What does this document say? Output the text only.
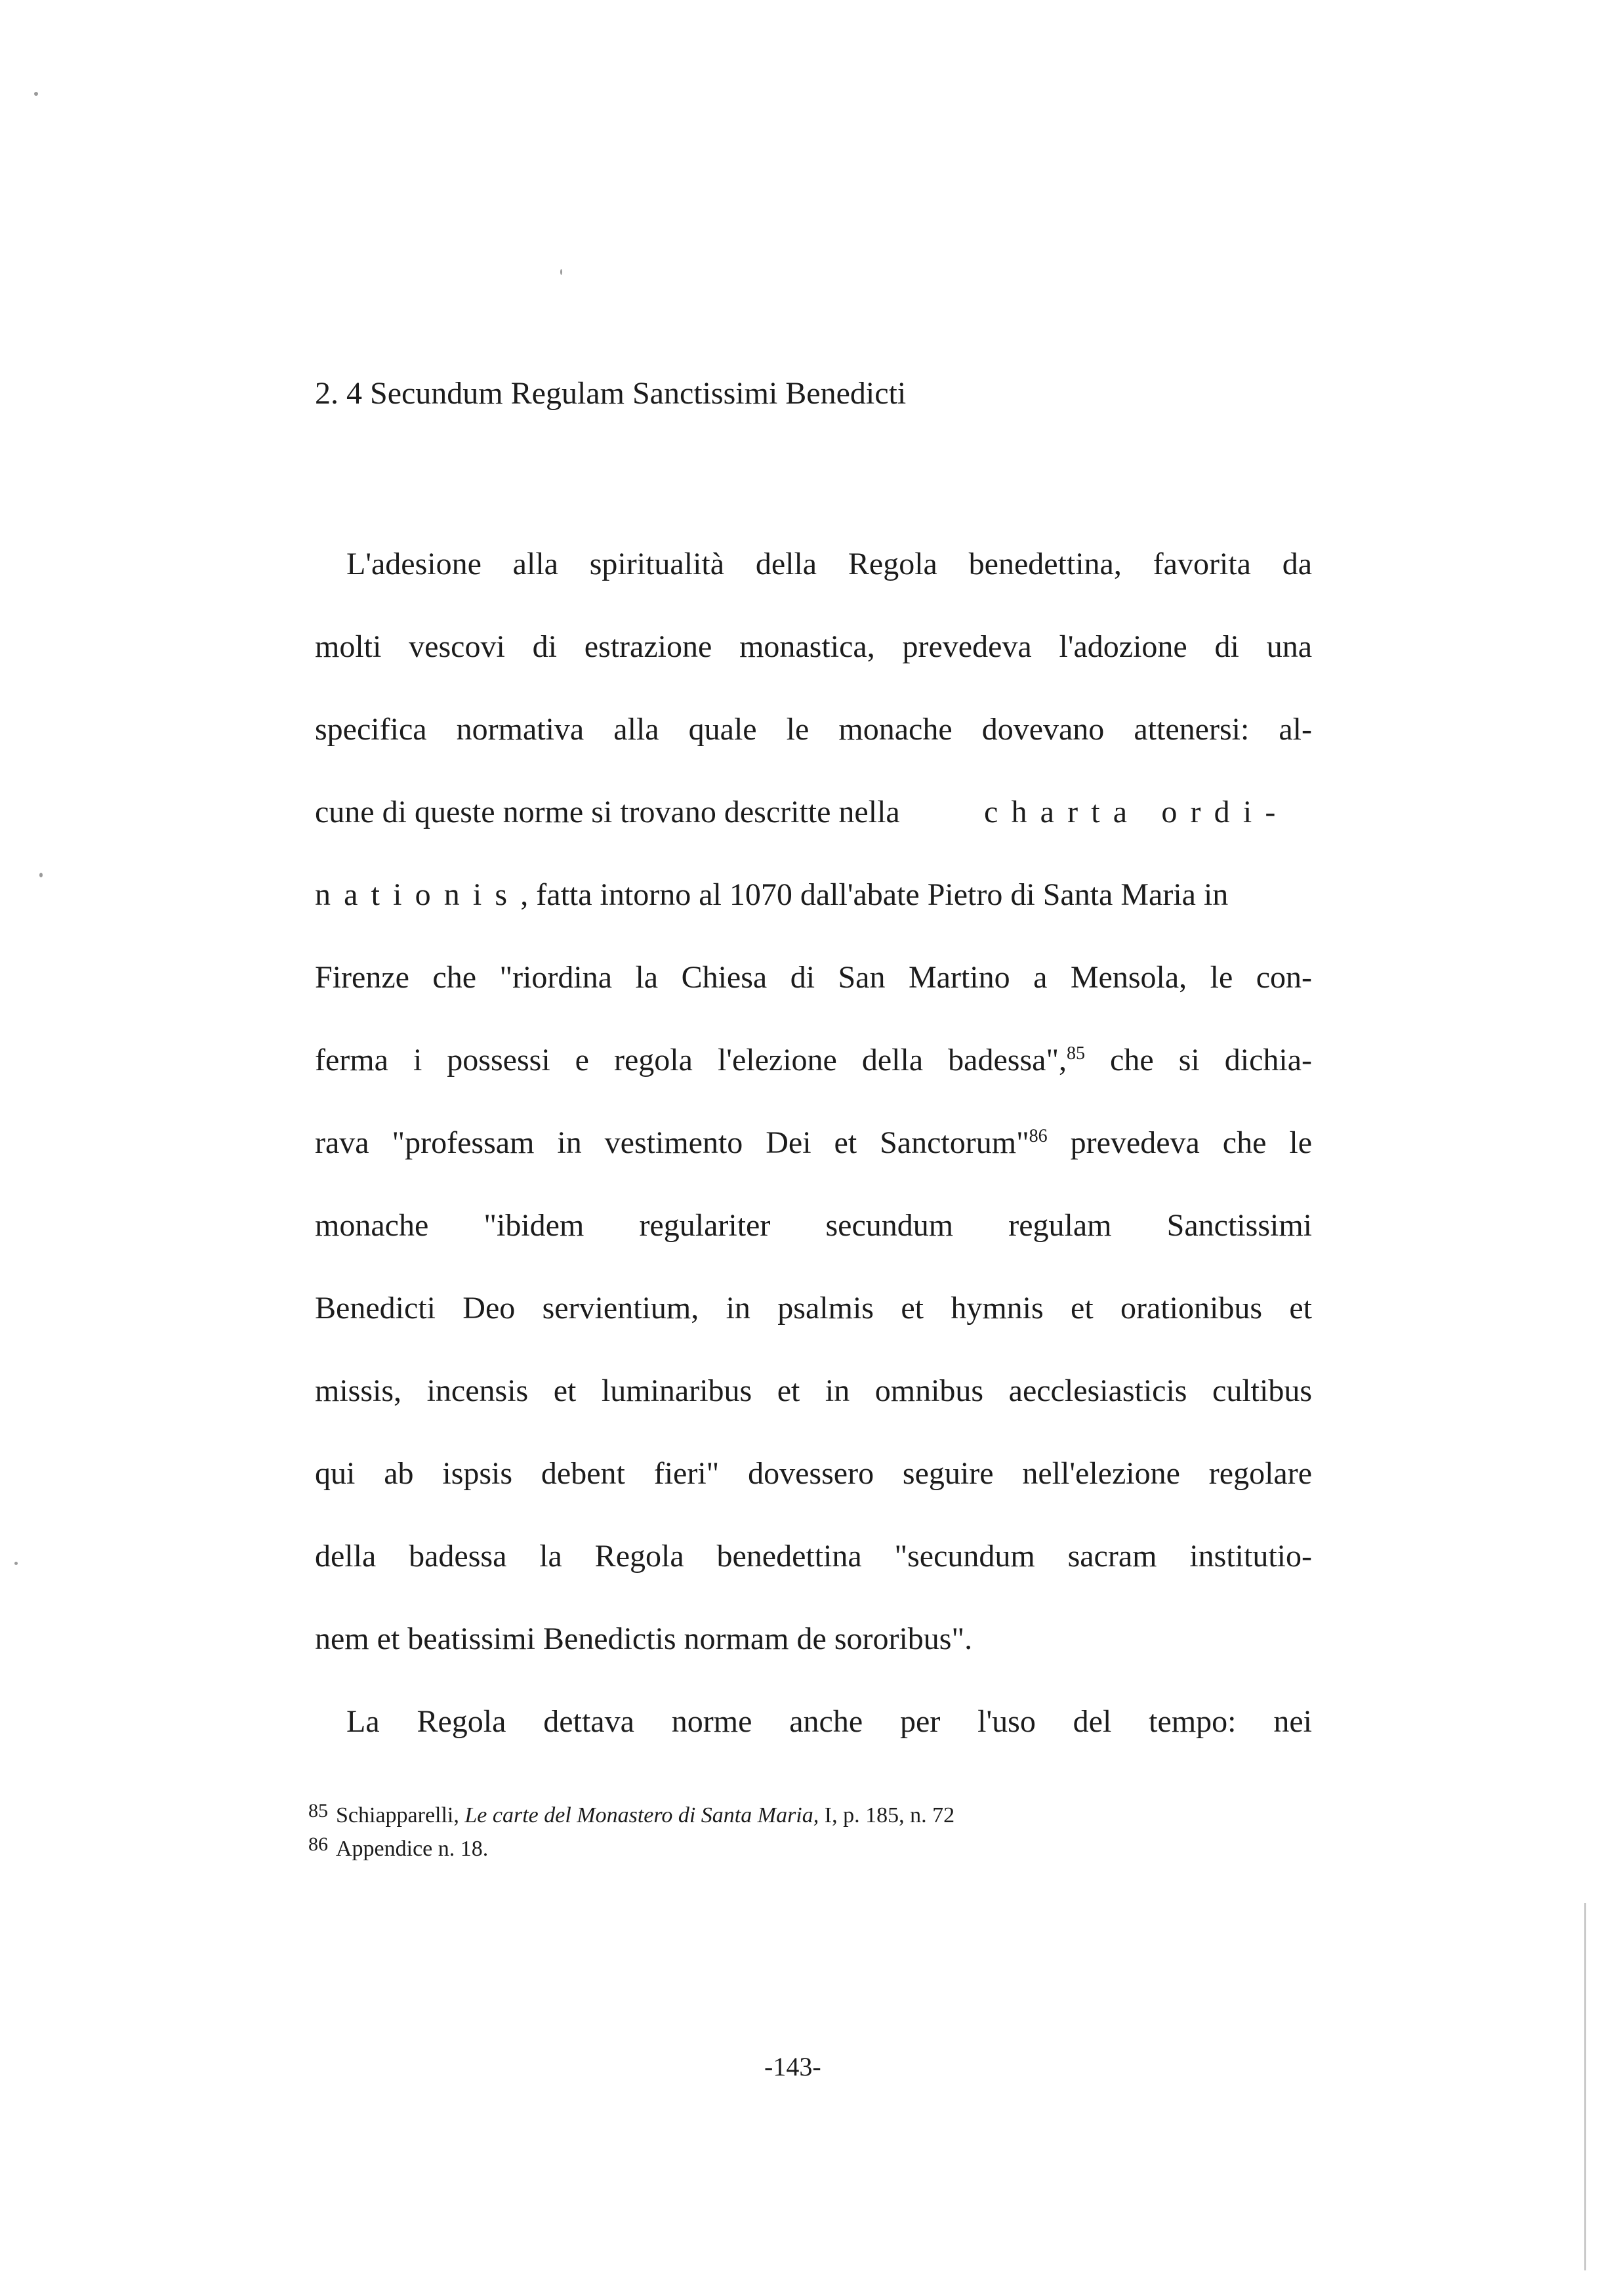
2. 4 Secundum Regulam Sanctissimi Benedicti
L'adesione alla spiritualità della Regola benedettina, favorita da
molti vescovi di estrazione monastica, prevedeva l'adozione di una
specifica normativa alla quale le monache dovevano attenersi: al-
cune di queste norme si trovano descritte nella	charta ordi-
nationis, fatta intorno al 1070 dall'abate Pietro di Santa Maria in
Firenze che "riordina la Chiesa di San Martino a Mensola, le con-
ferma i possessi e regola l'elezione della badessa",$^{85}$ che si dichia-
rava "professam in vestimento Dei et Sanctorum"$^{86}$ prevedeva che le
monache "ibidem regulariter secundum regulam Sanctissimi
Benedicti Deo servientium, in psalmis et hymnis et orationibus et
missis, incensis et luminaribus et in omnibus aecclesiasticis cultibus
qui ab ispsis debent fieri" dovessero seguire nell'elezione regolare
della badessa la Regola benedettina "secundum sacram institutio-
nem et beatissimi Benedictis normam de sororibus".
La Regola dettava norme anche per l'uso del tempo: nei
85 Schiapparelli, Le carte del Monastero di Santa Maria, I, p. 185, n. 72
86 Appendice n. 18.
-143-
